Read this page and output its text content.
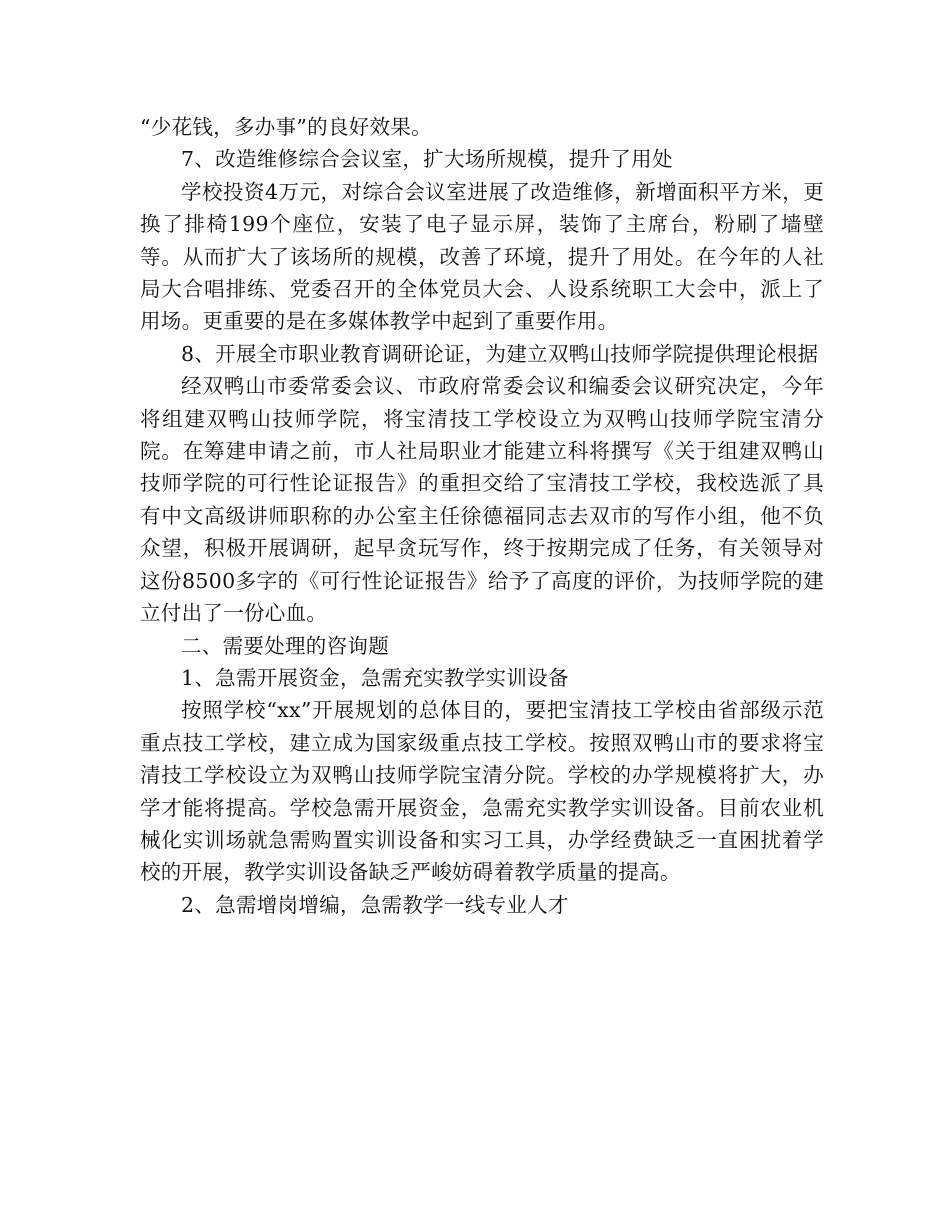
“少花钱，多办事”的良好效果。

7、改造维修综合会议室，扩大场所规模，提升了用处

学校投资4万元，对综合会议室进展了改造维修，新增面积平方米，更换了排椅199个座位，安装了电子显示屏，装饰了主席台，粉刷了墙壁等。从而扩大了该场所的规模，改善了环境，提升了用处。在今年的人社局大合唱排练、党委召开的全体党员大会、人设系统职工大会中，派上了用场。更重要的是在多媒体教学中起到了重要作用。

8、开展全市职业教育调研论证，为建立双鸭山技师学院提供理论根据

经双鸭山市委常委会议、市政府常委会议和编委会议研究决定，今年将组建双鸭山技师学院，将宝清技工学校设立为双鸭山技师学院宝清分院。在筹建申请之前，市人社局职业才能建立科将撰写《关于组建双鸭山技师学院的可行性论证报告》的重担交给了宝清技工学校，我校选派了具有中文高级讲师职称的办公室主任徐德福同志去双市的写作小组，他不负众望，积极开展调研，起早贪玩写作，终于按期完成了任务，有关领导对这份8500多字的《可行性论证报告》给予了高度的评价，为技师学院的建立付出了一份心血。

二、需要处理的咨询题

1、急需开展资金，急需充实教学实训设备

按照学校“xx”开展规划的总体目的，要把宝清技工学校由省部级示范重点技工学校，建立成为国家级重点技工学校。按照双鸭山市的要求将宝清技工学校设立为双鸭山技师学院宝清分院。学校的办学规模将扩大，办学才能将提高。学校急需开展资金，急需充实教学实训设备。目前农业机械化实训场就急需购置实训设备和实习工具，办学经费缺乏一直困扰着学校的开展，教学实训设备缺乏严峻妨碍着教学质量的提高。

2、急需增岗增编，急需教学一线专业人才
